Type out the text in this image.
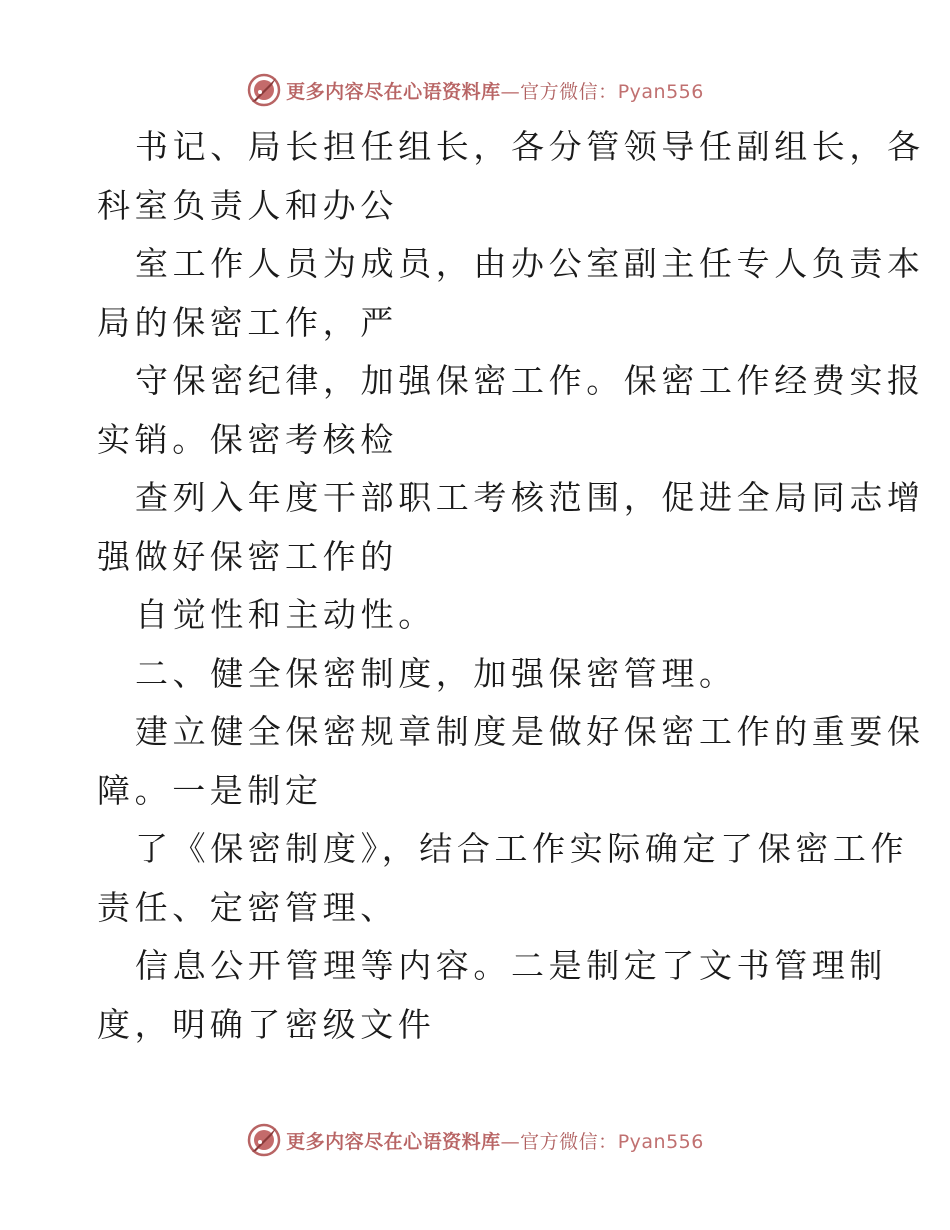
更多内容尽在心语资料库—官方微信：Pyan556
书记、局长担任组长，各分管领导任副组长，各
科室负责人和办公
室工作人员为成员，由办公室副主任专人负责本
局的保密工作，严
守保密纪律，加强保密工作。保密工作经费实报
实销。保密考核检
查列入年度干部职工考核范围，促进全局同志增
强做好保密工作的
自觉性和主动性。
二、健全保密制度，加强保密管理。
建立健全保密规章制度是做好保密工作的重要保
障。一是制定
了《保密制度》，结合工作实际确定了保密工作
责任、定密管理、
信息公开管理等内容。二是制定了文书管理制
度，明确了密级文件
更多内容尽在心语资料库—官方微信：Pyan556
